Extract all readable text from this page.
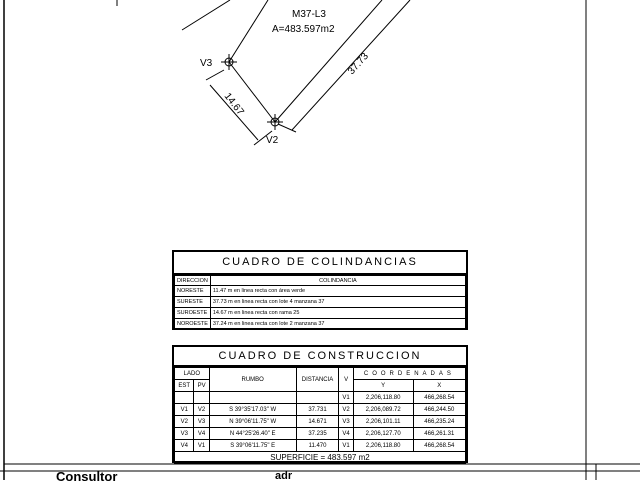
M37-L3
A=483.597m2
V3
V2
37.73
14.67
CUADRO DE COLINDANCIAS
DIRECCION	COLINDANCIA
NORESTE	11.47 m en linea recta con área verde
SURESTE	37.73 m en linea recta con lote 4 manzana 37
SUROESTE	14.67 m en linea recta con rama 25
NOROESTE	37.24 m en linea recta con lote 2 manzana 37
CUADRO DE CONSTRUCCION
LADO		RUMBO	DISTANCIA	V	COORDENADAS	
EST	PV				Y	X
				V1	2,206,118.80	466,268.54
V1	V2	S 39°35'17.03" W	37.731	V2	2,206,089.72	466,244.50
V2	V3	N 39°06'11.75" W	14.671	V3	2,206,101.11	466,235.24
V3	V4	N 44°25'26.40" E	37.235	V4	2,206,127.70	466,261.31
V4	V1	S 39°06'11.75" E	11.470	V1	2,206,118.80	466,268.54
SUPERFICIE = 483.597 m2						
Consultor	adr
